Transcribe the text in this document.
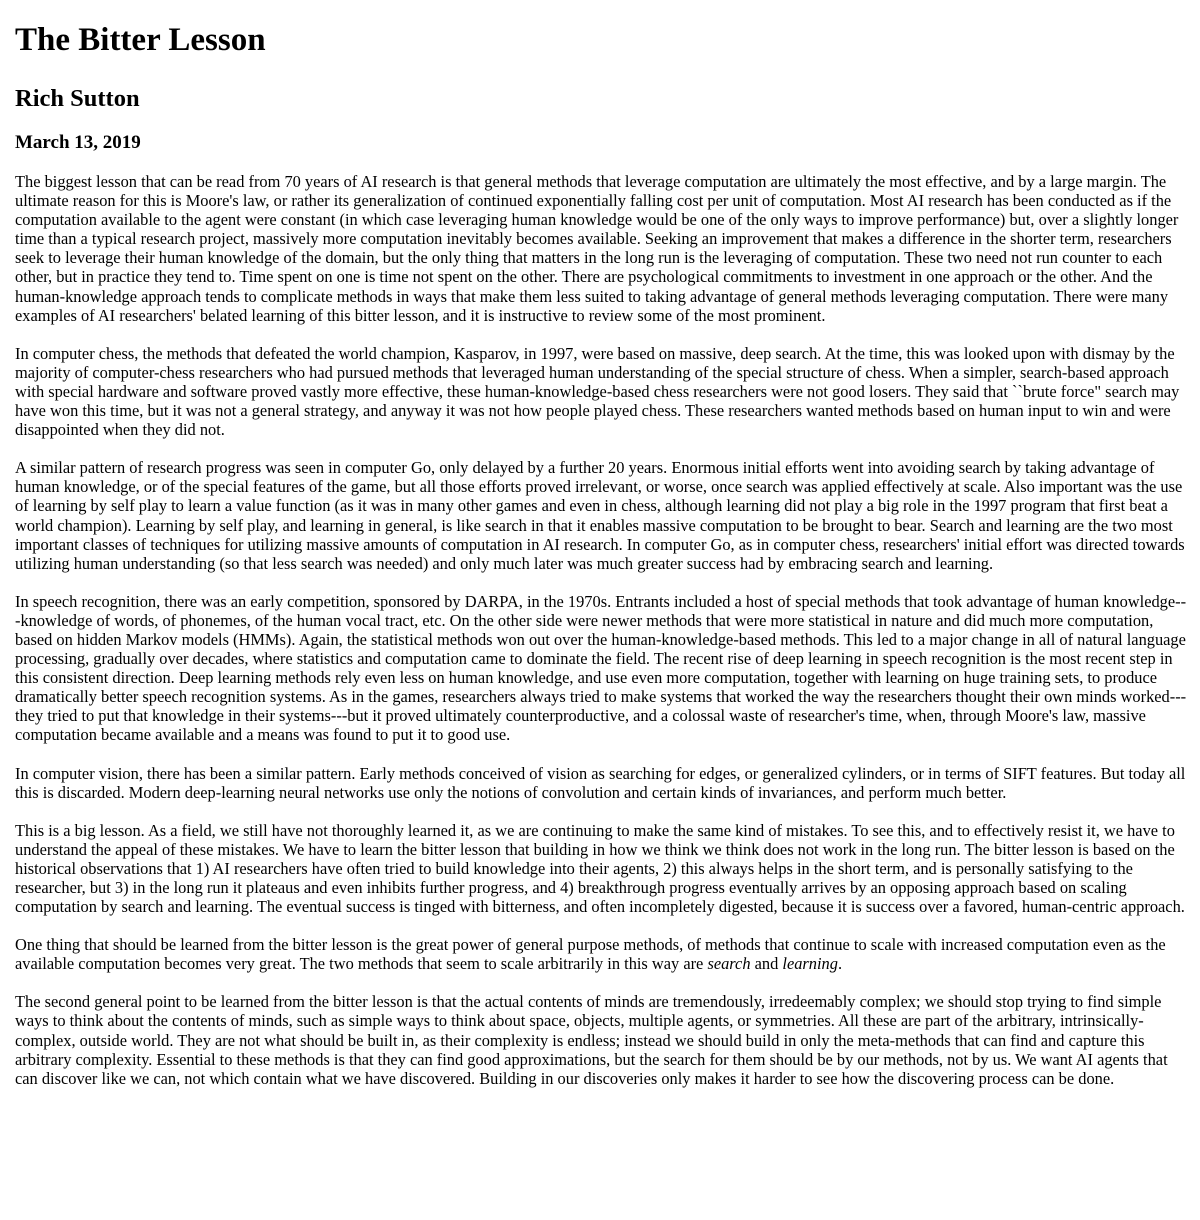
The Bitter Lesson
Rich Sutton
March 13, 2019

The biggest lesson that can be read from 70 years of AI research is that general methods that leverage computation are ultimately the most effective, and by a large margin. The ultimate reason for this is Moore's law, or rather its generalization of continued exponentially falling cost per unit of computation. Most AI research has been conducted as if the computation available to the agent were constant (in which case leveraging human knowledge would be one of the only ways to improve performance) but, over a slightly longer time than a typical research project, massively more computation inevitably becomes available. Seeking an improvement that makes a difference in the shorter term, researchers seek to leverage their human knowledge of the domain, but the only thing that matters in the long run is the leveraging of computation. These two need not run counter to each other, but in practice they tend to. Time spent on one is time not spent on the other. There are psychological commitments to investment in one approach or the other. And the human-knowledge approach tends to complicate methods in ways that make them less suited to taking advantage of general methods leveraging computation. There were many examples of AI researchers' belated learning of this bitter lesson, and it is instructive to review some of the most prominent.

In computer chess, the methods that defeated the world champion, Kasparov, in 1997, were based on massive, deep search. At the time, this was looked upon with dismay by the majority of computer-chess researchers who had pursued methods that leveraged human understanding of the special structure of chess. When a simpler, search-based approach with special hardware and software proved vastly more effective, these human-knowledge-based chess researchers were not good losers. They said that ``brute force" search may have won this time, but it was not a general strategy, and anyway it was not how people played chess. These researchers wanted methods based on human input to win and were disappointed when they did not.

A similar pattern of research progress was seen in computer Go, only delayed by a further 20 years. Enormous initial efforts went into avoiding search by taking advantage of human knowledge, or of the special features of the game, but all those efforts proved irrelevant, or worse, once search was applied effectively at scale. Also important was the use of learning by self play to learn a value function (as it was in many other games and even in chess, although learning did not play a big role in the 1997 program that first beat a world champion). Learning by self play, and learning in general, is like search in that it enables massive computation to be brought to bear. Search and learning are the two most important classes of techniques for utilizing massive amounts of computation in AI research. In computer Go, as in computer chess, researchers' initial effort was directed towards utilizing human understanding (so that less search was needed) and only much later was much greater success had by embracing search and learning.

In speech recognition, there was an early competition, sponsored by DARPA, in the 1970s. Entrants included a host of special methods that took advantage of human knowledge---knowledge of words, of phonemes, of the human vocal tract, etc. On the other side were newer methods that were more statistical in nature and did much more computation, based on hidden Markov models (HMMs). Again, the statistical methods won out over the human-knowledge-based methods. This led to a major change in all of natural language processing, gradually over decades, where statistics and computation came to dominate the field. The recent rise of deep learning in speech recognition is the most recent step in this consistent direction. Deep learning methods rely even less on human knowledge, and use even more computation, together with learning on huge training sets, to produce dramatically better speech recognition systems. As in the games, researchers always tried to make systems that worked the way the researchers thought their own minds worked---they tried to put that knowledge in their systems---but it proved ultimately counterproductive, and a colossal waste of researcher's time, when, through Moore's law, massive computation became available and a means was found to put it to good use.

In computer vision, there has been a similar pattern. Early methods conceived of vision as searching for edges, or generalized cylinders, or in terms of SIFT features. But today all this is discarded. Modern deep-learning neural networks use only the notions of convolution and certain kinds of invariances, and perform much better.

This is a big lesson. As a field, we still have not thoroughly learned it, as we are continuing to make the same kind of mistakes. To see this, and to effectively resist it, we have to understand the appeal of these mistakes. We have to learn the bitter lesson that building in how we think we think does not work in the long run. The bitter lesson is based on the historical observations that 1) AI researchers have often tried to build knowledge into their agents, 2) this always helps in the short term, and is personally satisfying to the researcher, but 3) in the long run it plateaus and even inhibits further progress, and 4) breakthrough progress eventually arrives by an opposing approach based on scaling computation by search and learning. The eventual success is tinged with bitterness, and often incompletely digested, because it is success over a favored, human-centric approach.

One thing that should be learned from the bitter lesson is the great power of general purpose methods, of methods that continue to scale with increased computation even as the available computation becomes very great. The two methods that seem to scale arbitrarily in this way are search and learning.

The second general point to be learned from the bitter lesson is that the actual contents of minds are tremendously, irredeemably complex; we should stop trying to find simple ways to think about the contents of minds, such as simple ways to think about space, objects, multiple agents, or symmetries. All these are part of the arbitrary, intrinsically-complex, outside world. They are not what should be built in, as their complexity is endless; instead we should build in only the meta-methods that can find and capture this arbitrary complexity. Essential to these methods is that they can find good approximations, but the search for them should be by our methods, not by us. We want AI agents that can discover like we can, not which contain what we have discovered. Building in our discoveries only makes it harder to see how the discovering process can be done.
